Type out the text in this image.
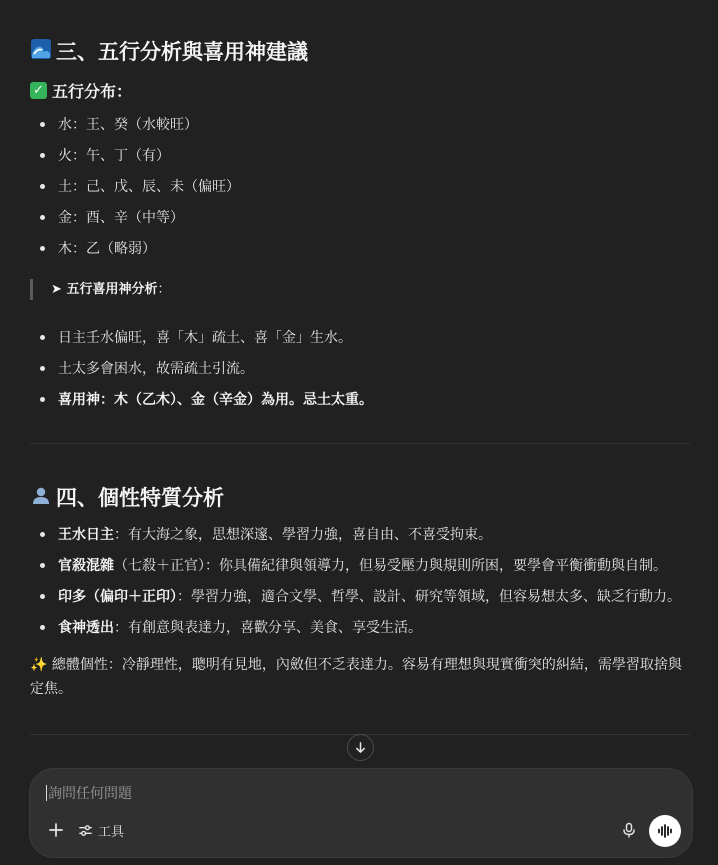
三、五行分析與喜用神建議
✓ 五行分布：
水：王、癸（水較旺）
火：午、丁（有）
土：己、戊、辰、未（偏旺）
金：酉、辛（中等）
木：乙（略弱）
➤ 五行喜用神分析：
日主壬水偏旺，喜「木」疏土、喜「金」生水。
土太多會困水，故需疏土引流。
喜用神：木（乙木）、金（辛金）為用。忌土太重。
四、個性特質分析
王水日主：有大海之象，思想深邃、學習力強，喜自由、不喜受拘束。
官殺混雜（七殺＋正官）：你具備紀律與領導力，但易受壓力與規則所困，要學會平衡衝動與自制。
印多（偏印＋正印）：學習力強，適合文學、哲學、設計、研究等領域，但容易想太多、缺乏行動力。
食神透出：有創意與表達力，喜歡分享、美食、享受生活。
✨ 總體個性：冷靜理性，聰明有見地，內斂但不乏表達力。容易有理想與現實衝突的糾結，需學習取捨與定焦。
詢問任何問題
工具
